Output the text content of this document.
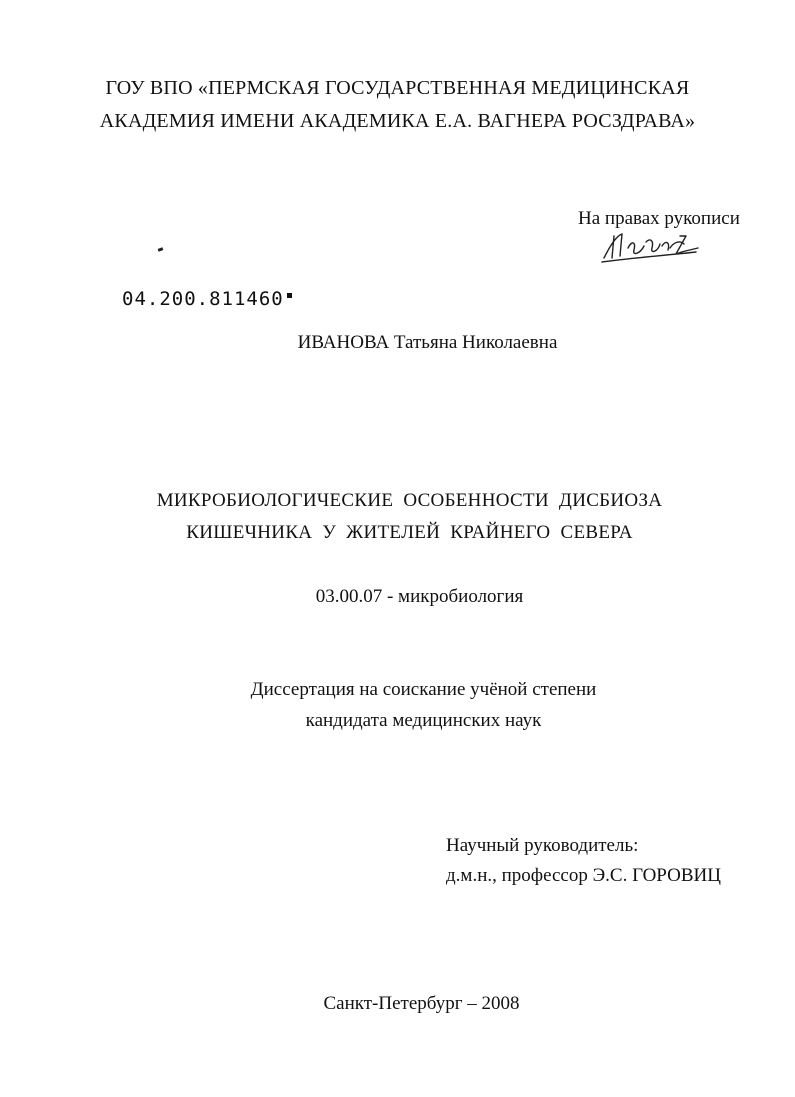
ГОУ ВПО «ПЕРМСКАЯ ГОСУДАРСТВЕННАЯ МЕДИЦИНСКАЯ
АКАДЕМИЯ ИМЕНИ АКАДЕМИКА Е.А. ВАГНЕРА РОСЗДРАВА»
На правах рукописи
04.200.811460
ИВАНОВА Татьяна Николаевна
МИКРОБИОЛОГИЧЕСКИЕ ОСОБЕННОСТИ ДИСБИОЗА
КИШЕЧНИКА У ЖИТЕЛЕЙ КРАЙНЕГО СЕВЕРА
03.00.07 - микробиология
Диссертация на соискание учёной степени
кандидата медицинских наук
Научный руководитель:
д.м.н., профессор Э.С. ГОРОВИЦ
Санкт-Петербург – 2008
